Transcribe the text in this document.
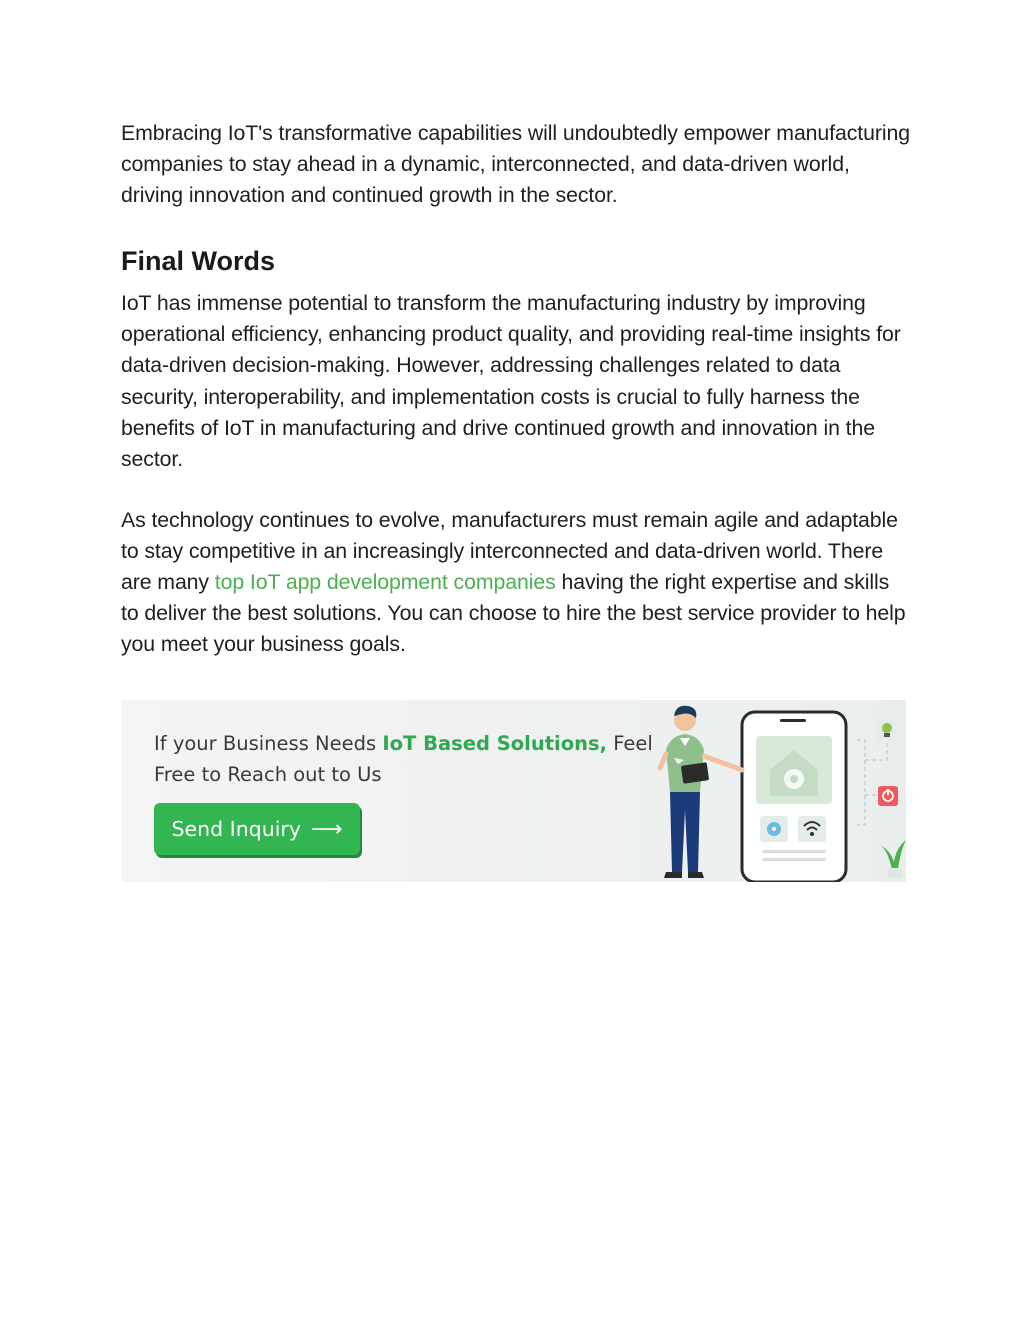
Embracing IoT's transformative capabilities will undoubtedly empower manufacturing companies to stay ahead in a dynamic, interconnected, and data-driven world, driving innovation and continued growth in the sector.

Final Words

IoT has immense potential to transform the manufacturing industry by improving operational efficiency, enhancing product quality, and providing real-time insights for data-driven decision-making. However, addressing challenges related to data security, interoperability, and implementation costs is crucial to fully harness the benefits of IoT in manufacturing and drive continued growth and innovation in the sector.

As technology continues to evolve, manufacturers must remain agile and adaptable to stay competitive in an increasingly interconnected and data-driven world. There are many top IoT app development companies having the right expertise and skills to deliver the best solutions. You can choose to hire the best service provider to help you meet your business goals.

If your Business Needs IoT Based Solutions, Feel Free to Reach out to Us
Send Inquiry ⟶
